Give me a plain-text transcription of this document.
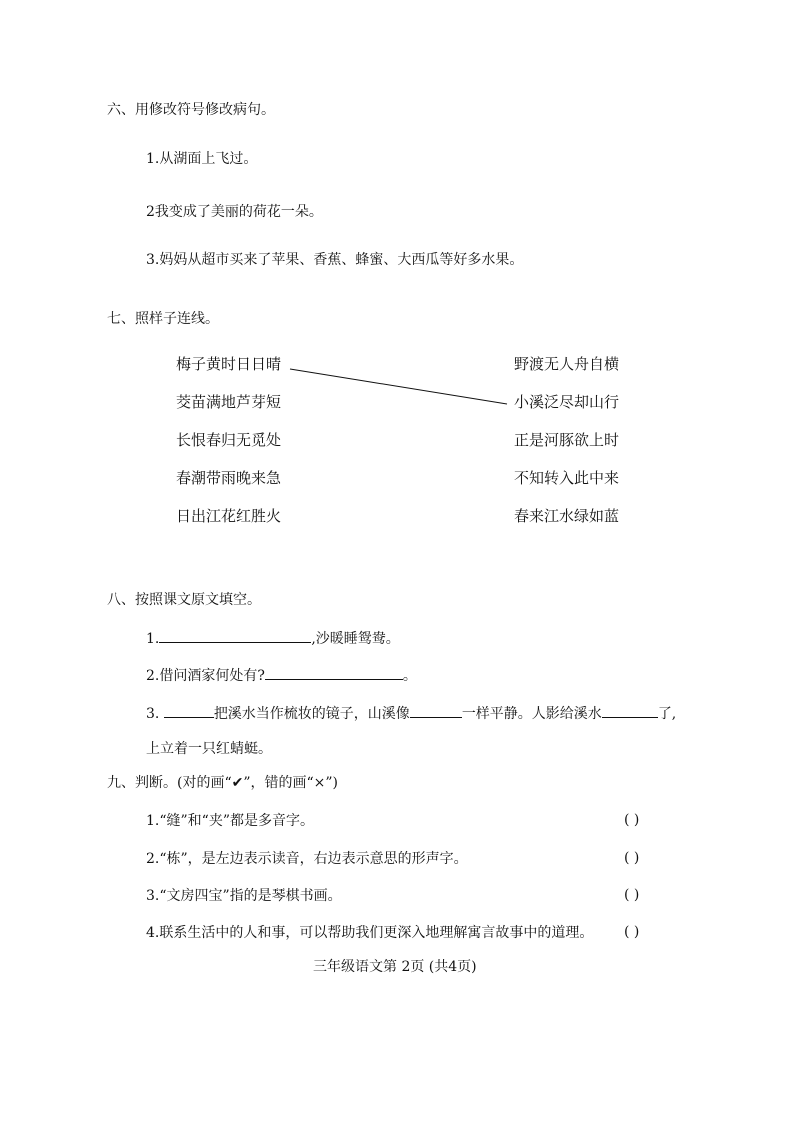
六、用修改符号修改病句。
1.从湖面上飞过。
2我变成了美丽的荷花一朵。
3.妈妈从超市买来了苹果、香蕉、蜂蜜、大西瓜等好多水果。
七、照样子连线。
梅子黄时日日晴
茭苗满地芦芽短
长恨春归无觅处
春潮带雨晚来急
日出江花红胜火
野渡无人舟自横
小溪泛尽却山行
正是河豚欲上时
不知转入此中来
春来江水绿如蓝
八、按照课文原文填空。
1.	,沙暖睡鸳鸯。
2.借问酒家何处有?	。
3.	把溪水当作梳妆的镜子，山溪像	一样平静。人影给溪水	了,
上立着一只红蜻蜓。
九、判断。(对的画“✔”，错的画“×”)
1.“缝”和“夹”都是多音字。	( )
2.“栋”，是左边表示读音，右边表示意思的形声字。	( )
3.“文房四宝”指的是琴棋书画。	( )
4.联系生活中的人和事，可以帮助我们更深入地理解寓言故事中的道理。 ( )
三年级语文第 2页 (共4页)
